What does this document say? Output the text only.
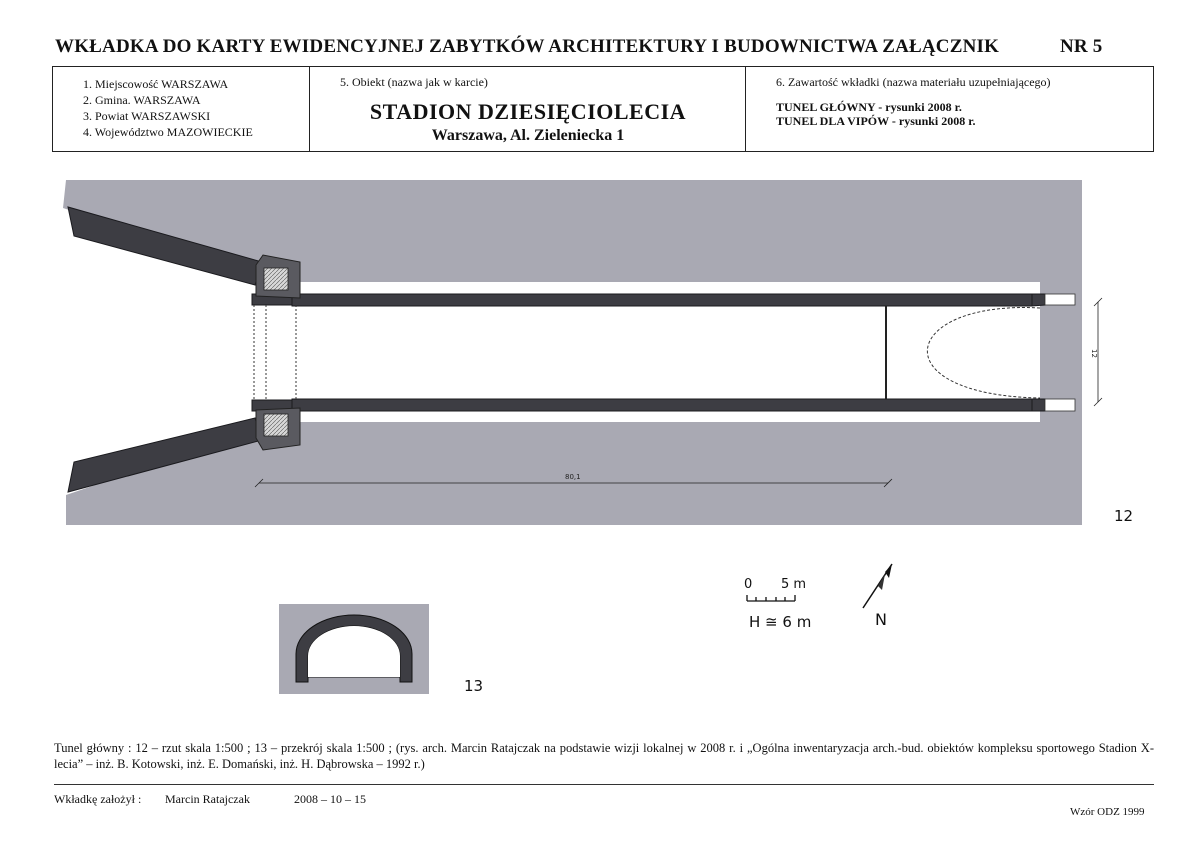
WKŁADKA DO KARTY EWIDENCYJNEJ ZABYTKÓW ARCHITEKTURY I BUDOWNICTWA ZAŁĄCZNIK	NR 5
1. Miejscowość WARSZAWA
2. Gmina. WARSZAWA
3. Powiat WARSZAWSKI
4. Województwo MAZOWIECKIE
5. Obiekt (nazwa jak w karcie)
STADION DZIESIĘCIOLECIA
Warszawa, Al. Zieleniecka 1
6. Zawartość wkładki (nazwa materiału uzupełniającego)
TUNEL GŁÓWNY - rysunki 2008 r.
TUNEL DLA VIPÓW - rysunki 2008 r.
80,1
12
12
13
0 5 m
H ≅ 6 m	N
Tunel główny : 12 – rzut skala 1:500 ; 13 – przekrój skala 1:500 ; (rys. arch. Marcin Ratajczak na podstawie wizji lokalnej w 2008 r. i „Ogólna inwentaryzacja arch.-bud. obiektów kompleksu sportowego Stadion X-lecia” – inż. B. Kotowski, inż. E. Domański, inż. H. Dąbrowska – 1992 r.)
Wkładkę założył : Marcin Ratajczak	2008 – 10 – 15
Wzór ODZ 1999
